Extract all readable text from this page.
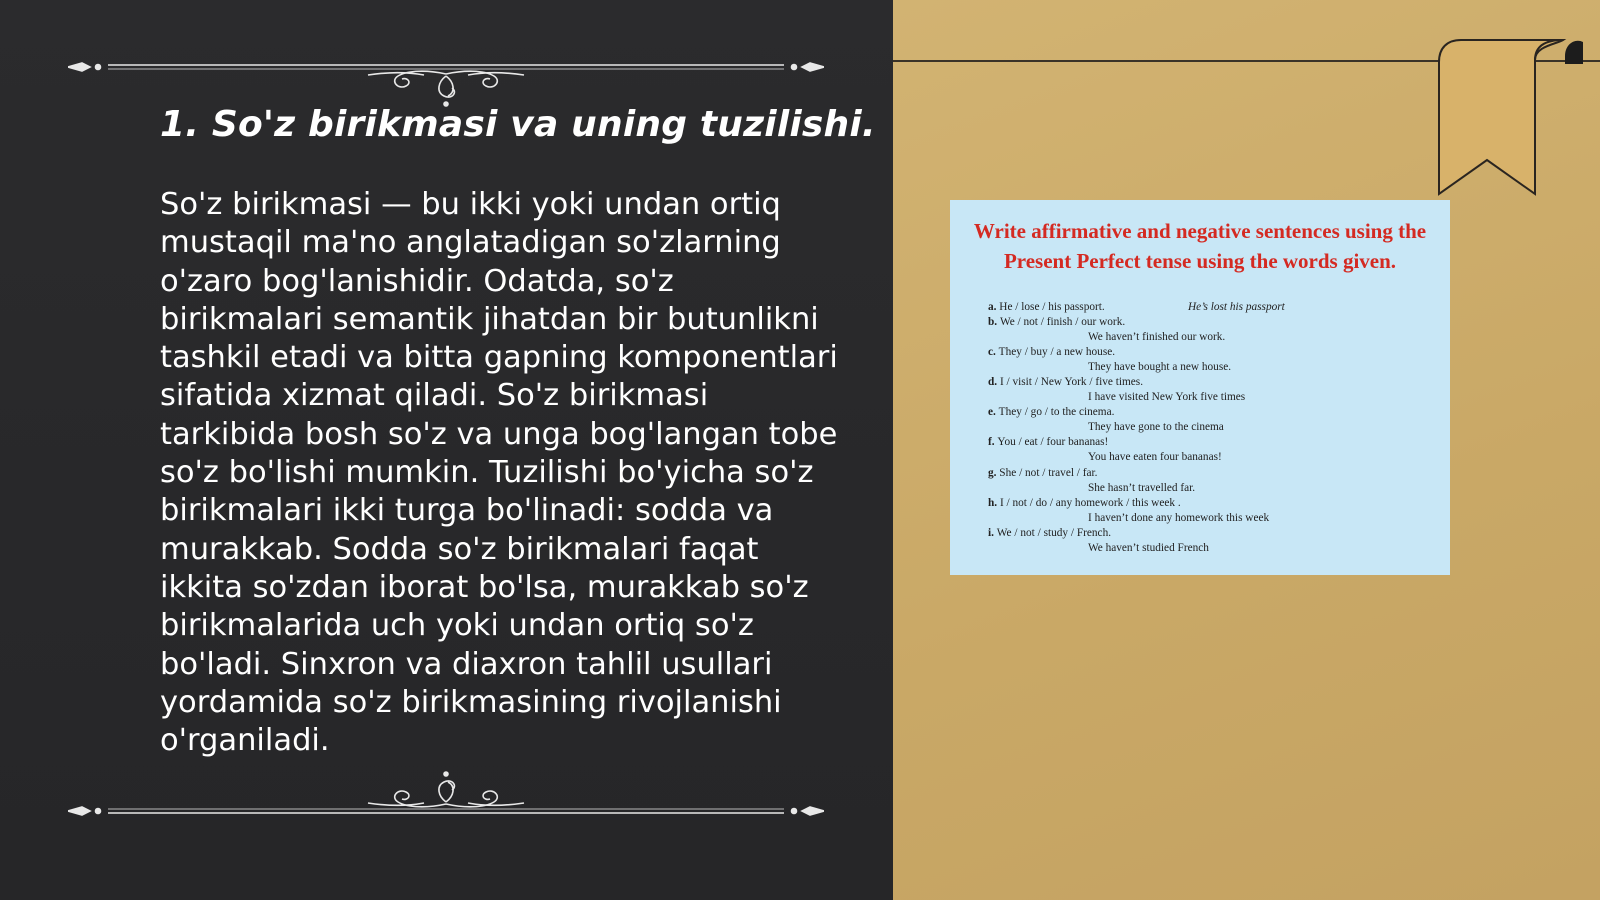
1. So'z birikmasi va uning tuzilishi.

So'z birikmasi — bu ikki yoki undan ortiq mustaqil ma'no anglatadigan so'zlarning o'zaro bog'lanishidir. Odatda, so'z birikmalari semantik jihatdan bir butunlikni tashkil etadi va bitta gapning komponentlari sifatida xizmat qiladi. So'z birikmasi tarkibida bosh so'z va unga bog'langan tobe so'z bo'lishi mumkin. Tuzilishi bo'yicha so'z birikmalari ikki turga bo'linadi: sodda va murakkab. Sodda so'z birikmalari faqat ikkita so'zdan iborat bo'lsa, murakkab so'z birikmalarida uch yoki undan ortiq so'z bo'ladi. Sinxron va diaxron tahlil usullari yordamida so'z birikmasining rivojlanishi o'rganiladi.

Write affirmative and negative sentences using the Present Perfect tense using the words given.
a. He / lose / his passport.	He’s lost his passport
b. We / not / finish / our work.
We haven’t finished our work.
c. They / buy / a new house.
They have bought a new house.
d. I / visit / New York / five times.
I have visited New York five times
e. They / go / to the cinema.
They have gone to the cinema
f. You / eat / four bananas!
You have eaten four bananas!
g. She / not / travel / far.
She hasn’t travelled far.
h. I / not / do / any homework / this week .
I haven’t done any homework this week
i. We / not / study / French.
We haven’t studied French
